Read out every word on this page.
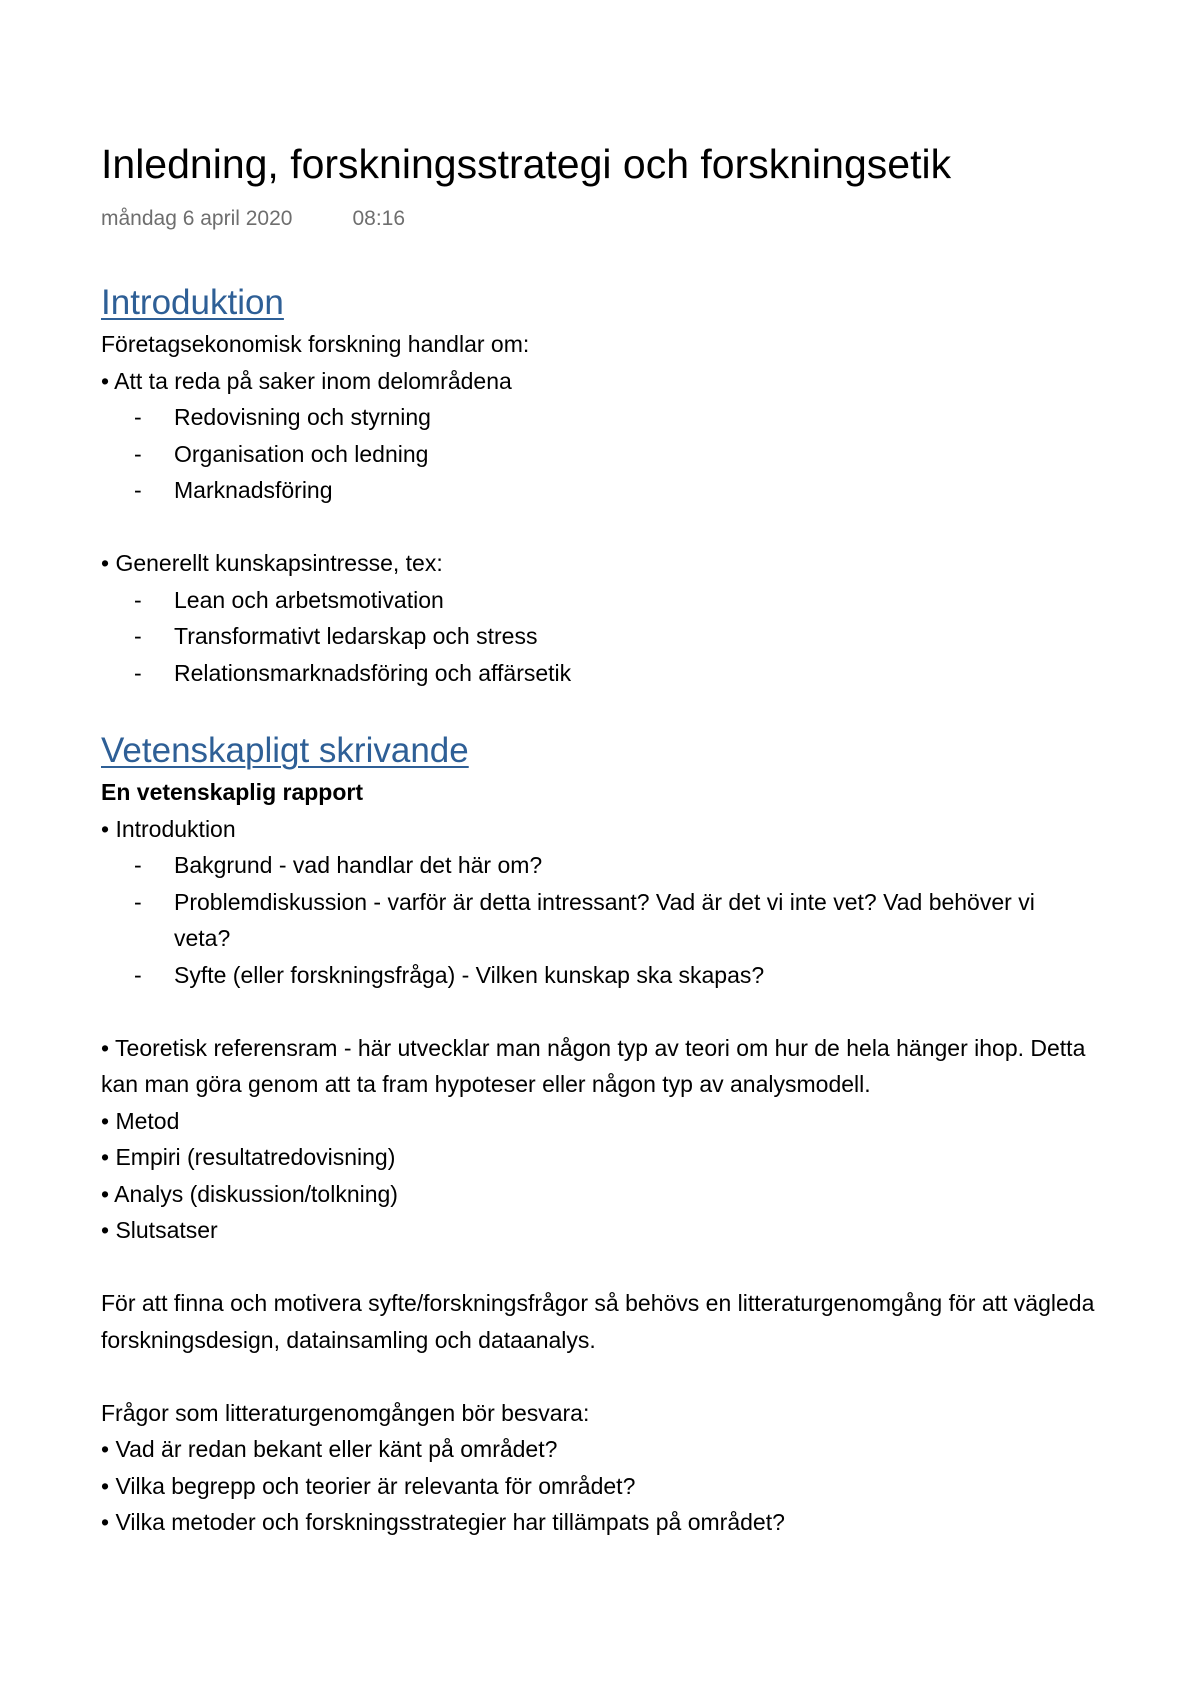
Inledning, forskningsstrategi och forskningsetik
måndag 6 april 2020	08:16
Introduktion

Företagsekonomisk forskning handlar om:

• Att ta reda på saker inom delområdena

-	Redovisning och styrning
-	Organisation och ledning
-	Marknadsföring

• Generellt kunskapsintresse, tex:

-	Lean och arbetsmotivation
-	Transformativt ledarskap och stress
-	Relationsmarknadsföring och affärsetik
Vetenskapligt skrivande

En vetenskaplig rapport

• Introduktion

-	Bakgrund - vad handlar det här om?
-	Problemdiskussion - varför är detta intressant? Vad är det vi inte vet? Vad behöver vi veta?
-	Syfte (eller forskningsfråga) - Vilken kunskap ska skapas?

• Teoretisk referensram - här utvecklar man någon typ av teori om hur de hela hänger ihop. Detta kan man göra genom att ta fram hypoteser eller någon typ av analysmodell.

• Metod

• Empiri (resultatredovisning)

• Analys (diskussion/tolkning)

• Slutsatser

För att finna och motivera syfte/forskningsfrågor så behövs en litteraturgenomgång för att vägleda forskningsdesign, datainsamling och dataanalys.

Frågor som litteraturgenomgången bör besvara:

• Vad är redan bekant eller känt på området?

• Vilka begrepp och teorier är relevanta för området?

• Vilka metoder och forskningsstrategier har tillämpats på området?
